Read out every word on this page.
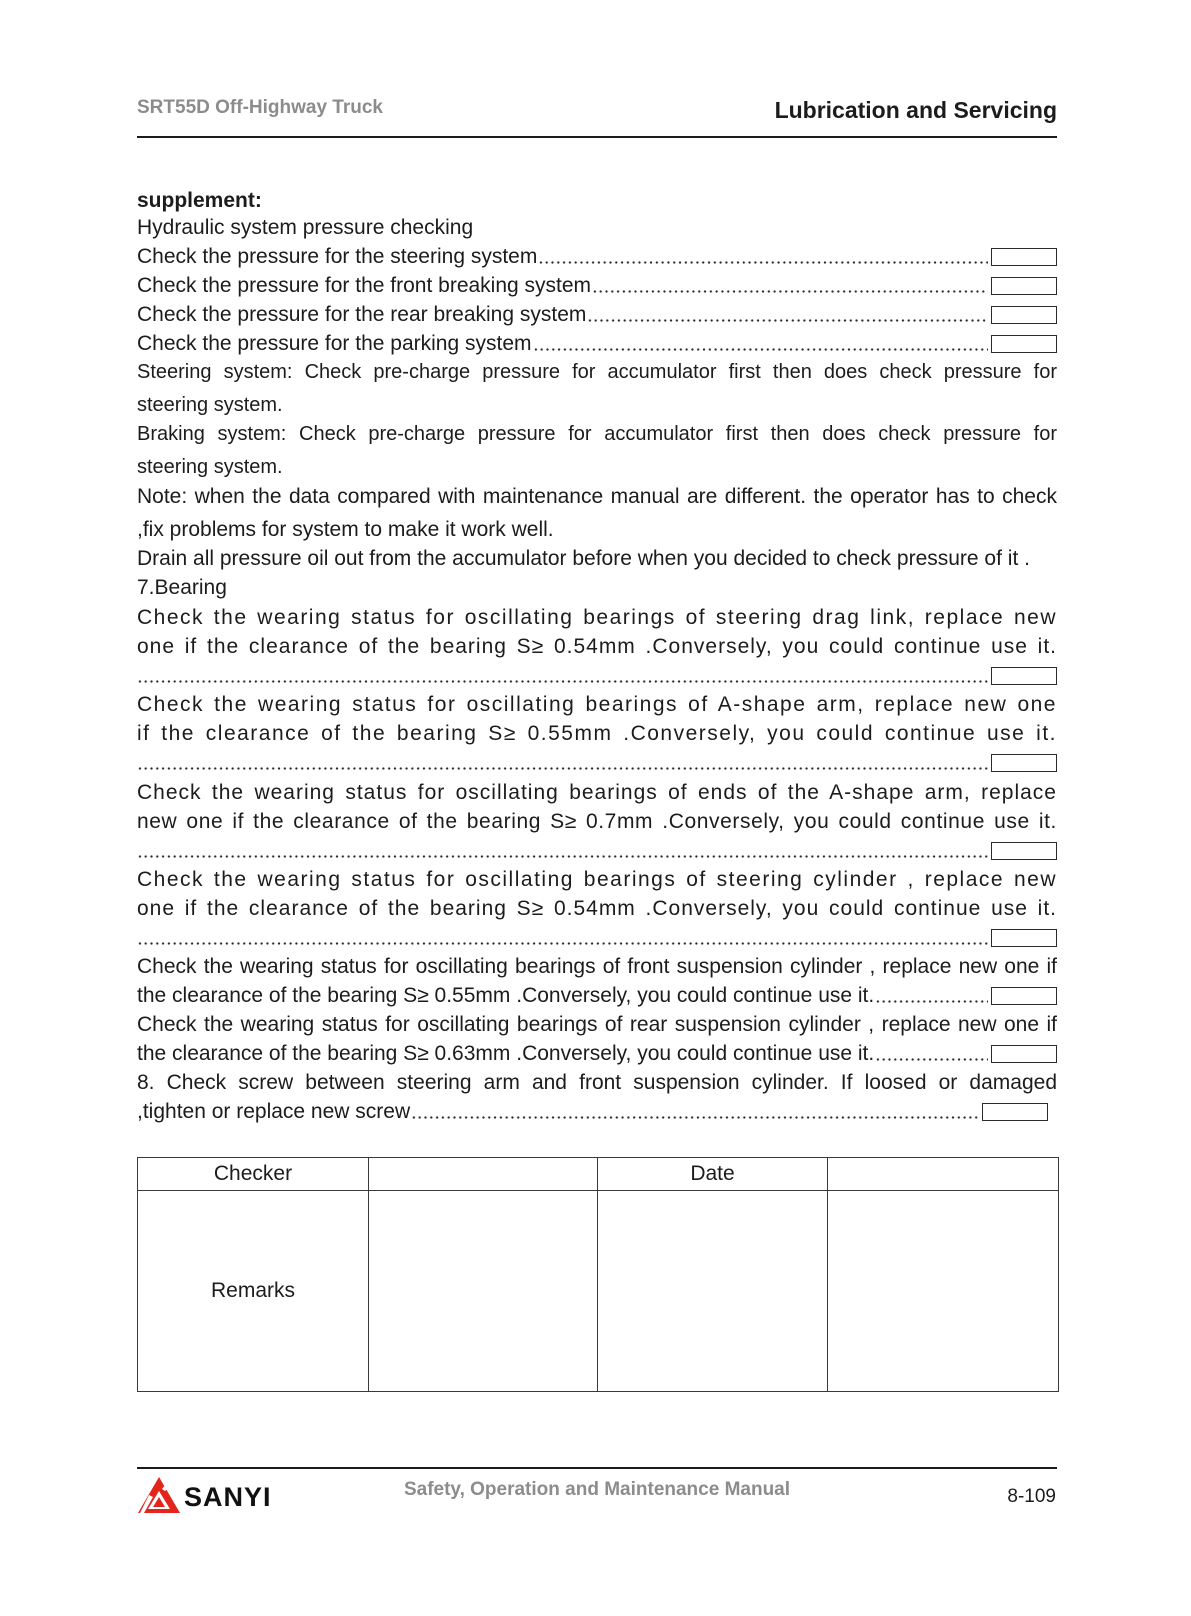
SRT55D Off-Highway Truck	Lubrication and Servicing
supplement:
Hydraulic system pressure checking
Check the pressure for the steering system
Check the pressure for the front breaking system
Check the pressure for the rear breaking system
Check the pressure for the parking system
Steering system: Check pre-charge pressure for accumulator first then does check pressure for
steering system.
Braking system: Check pre-charge pressure for accumulator first then does check pressure for
steering system.
Note: when the data compared with maintenance manual are different. the operator has to check
,fix problems for system to make it work well.
Drain all pressure oil out from the accumulator before when you decided to check pressure of it .
7.Bearing
Check the wearing status for oscillating bearings of steering drag link, replace new
one if the clearance of the bearing S≥ 0.54mm .Conversely, you could continue use it.
Check the wearing status for oscillating bearings of A-shape arm, replace new one
if the clearance of the bearing S≥ 0.55mm .Conversely, you could continue use it.
Check the wearing status for oscillating bearings of ends of the A-shape arm, replace
new one if the clearance of the bearing S≥ 0.7mm .Conversely, you could continue use it.
Check the wearing status for oscillating bearings of steering cylinder , replace new
one if the clearance of the bearing S≥ 0.54mm .Conversely, you could continue use it.
Check the wearing status for oscillating bearings of front suspension cylinder , replace new one if
the clearance of the bearing S≥ 0.55mm .Conversely, you could continue use it.
Check the wearing status for oscillating bearings of rear suspension cylinder , replace new one if
the clearance of the bearing S≥ 0.63mm .Conversely, you could continue use it.
8. Check screw between steering arm and front suspension cylinder. If loosed or damaged
,tighten or replace new screw
Checker		Date	
Remarks			
SANYI	Safety, Operation and Maintenance Manual	8-109
